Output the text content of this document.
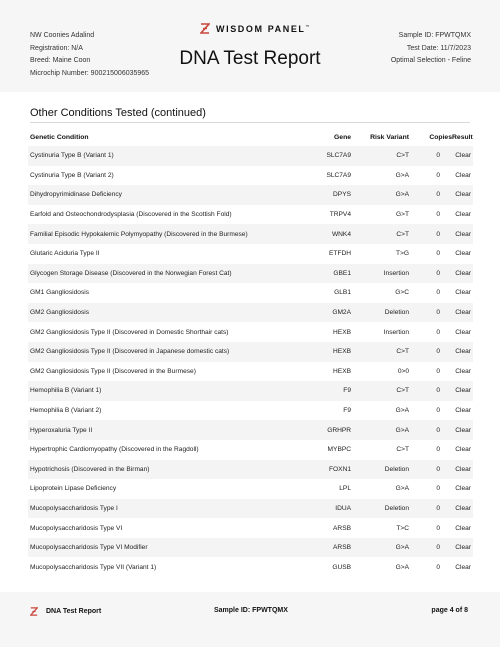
NW Coonies Adalind
Registration: N/A
Breed: Maine Coon
Microchip Number: 900215006035965
WISDOM PANEL™
DNA Test Report
Sample ID: FPWTQMX
Test Date: 11/7/2023
Optimal Selection - Feline
Other Conditions Tested (continued)
Genetic Condition	Gene	Risk Variant	Copies Result
Cystinuria Type B (Variant 1)	SLC7A9	C>T	0	Clear
Cystinuria Type B (Variant 2)	SLC7A9	G>A	0	Clear
Dihydropyrimidinase Deficiency	DPYS	G>A	0	Clear
Earfold and Osteochondrodysplasia (Discovered in the Scottish Fold)	TRPV4	G>T	0	Clear
Familial Episodic Hypokalemic Polymyopathy (Discovered in the Burmese)	WNK4	C>T	0	Clear
Glutaric Aciduria Type II	ETFDH	T>G	0	Clear
Glycogen Storage Disease (Discovered in the Norwegian Forest Cat)	GBE1	Insertion	0	Clear
GM1 Gangliosidosis	GLB1	G>C	0	Clear
GM2 Gangliosidosis	GM2A	Deletion	0	Clear
GM2 Gangliosidosis Type II (Discovered in Domestic Shorthair cats)	HEXB	Insertion	0	Clear
GM2 Gangliosidosis Type II (Discovered in Japanese domestic cats)	HEXB	C>T	0	Clear
GM2 Gangliosidosis Type II (Discovered in the Burmese)	HEXB	0>0	0	Clear
Hemophilia B (Variant 1)	F9	C>T	0	Clear
Hemophilia B (Variant 2)	F9	G>A	0	Clear
Hyperoxaluria Type II	GRHPR	G>A	0	Clear
Hypertrophic Cardiomyopathy (Discovered in the Ragdoll)	MYBPC	C>T	0	Clear
Hypotrichosis (Discovered in the Birman)	FOXN1	Deletion	0	Clear
Lipoprotein Lipase Deficiency	LPL	G>A	0	Clear
Mucopolysaccharidosis Type I	IDUA	Deletion	0	Clear
Mucopolysaccharidosis Type VI	ARSB	T>C	0	Clear
Mucopolysaccharidosis Type VI Modifier	ARSB	G>A	0	Clear
Mucopolysaccharidosis Type VII (Variant 1)	GUSB	G>A	0	Clear
DNA Test Report	Sample ID: FPWTQMX	page 4 of 8
